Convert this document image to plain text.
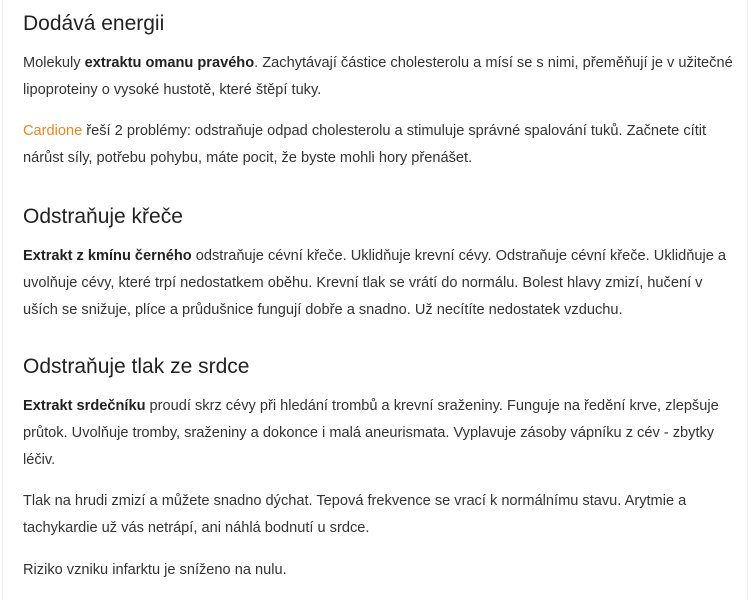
Dodává energii

Molekuly extraktu omanu pravého. Zachytávají částice cholesterolu a mísí se s nimi, přeměňují je v užitečné lipoproteiny o vysoké hustotě, které štěpí tuky.

Cardione řeší 2 problémy: odstraňuje odpad cholesterolu a stimuluje správné spalování tuků. Začnete cítit nárůst síly, potřebu pohybu, máte pocit, že byste mohli hory přenášet.

Odstraňuje křeče

Extrakt z kmínu černého odstraňuje cévní křeče. Uklidňuje krevní cévy. Odstraňuje cévní křeče. Uklidňuje a uvolňuje cévy, které trpí nedostatkem oběhu. Krevní tlak se vrátí do normálu. Bolest hlavy zmizí, hučení v uších se snižuje, plíce a průdušnice fungují dobře a snadno. Už necítíte nedostatek vzduchu.

Odstraňuje tlak ze srdce

Extrakt srdečníku proudí skrz cévy při hledání trombů a krevní sraženiny. Funguje na ředění krve, zlepšuje průtok. Uvolňuje tromby, sraženiny a dokonce i malá aneurismata. Vyplavuje zásoby vápníku z cév - zbytky léčiv.

Tlak na hrudi zmizí a můžete snadno dýchat. Tepová frekvence se vrací k normálnímu stavu. Arytmie a tachykardie už vás netrápí, ani náhlá bodnutí u srdce.

Riziko vzniku infarktu je sníženo na nulu.
